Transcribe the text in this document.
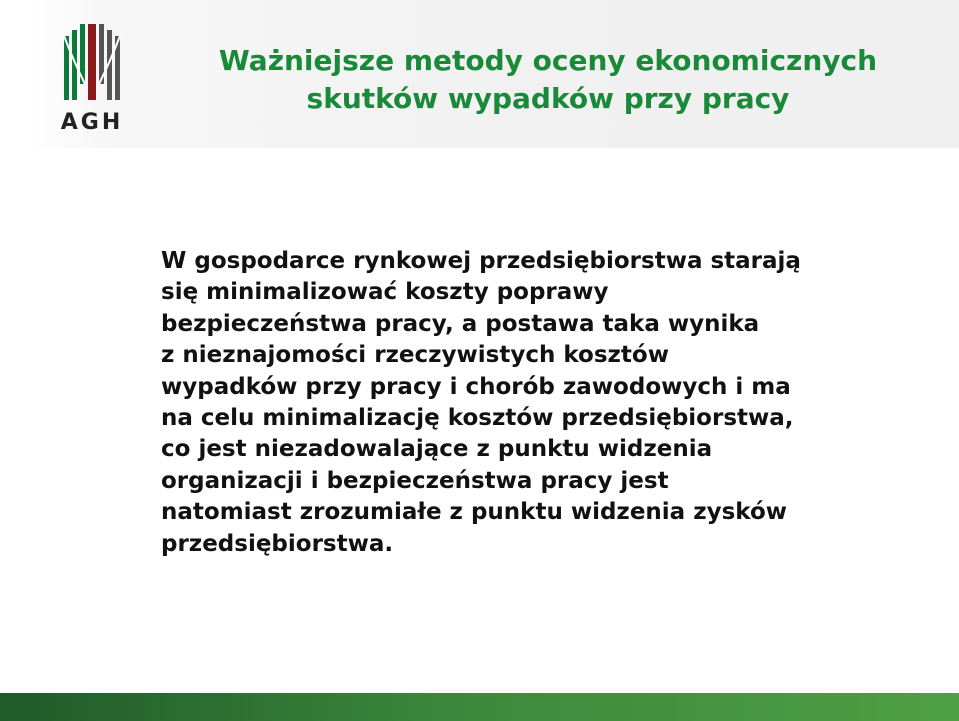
AGH
Ważniejsze metody oceny ekonomicznych
skutków wypadków przy pracy
W gospodarce rynkowej przedsiębiorstwa starają
się minimalizować koszty poprawy
bezpieczeństwa pracy, a postawa taka wynika
z nieznajomości rzeczywistych kosztów
wypadków przy pracy i chorób zawodowych i ma
na celu minimalizację kosztów przedsiębiorstwa,
co jest niezadowalające z punktu widzenia
organizacji i bezpieczeństwa pracy jest
natomiast zrozumiałe z punktu widzenia zysków
przedsiębiorstwa.
